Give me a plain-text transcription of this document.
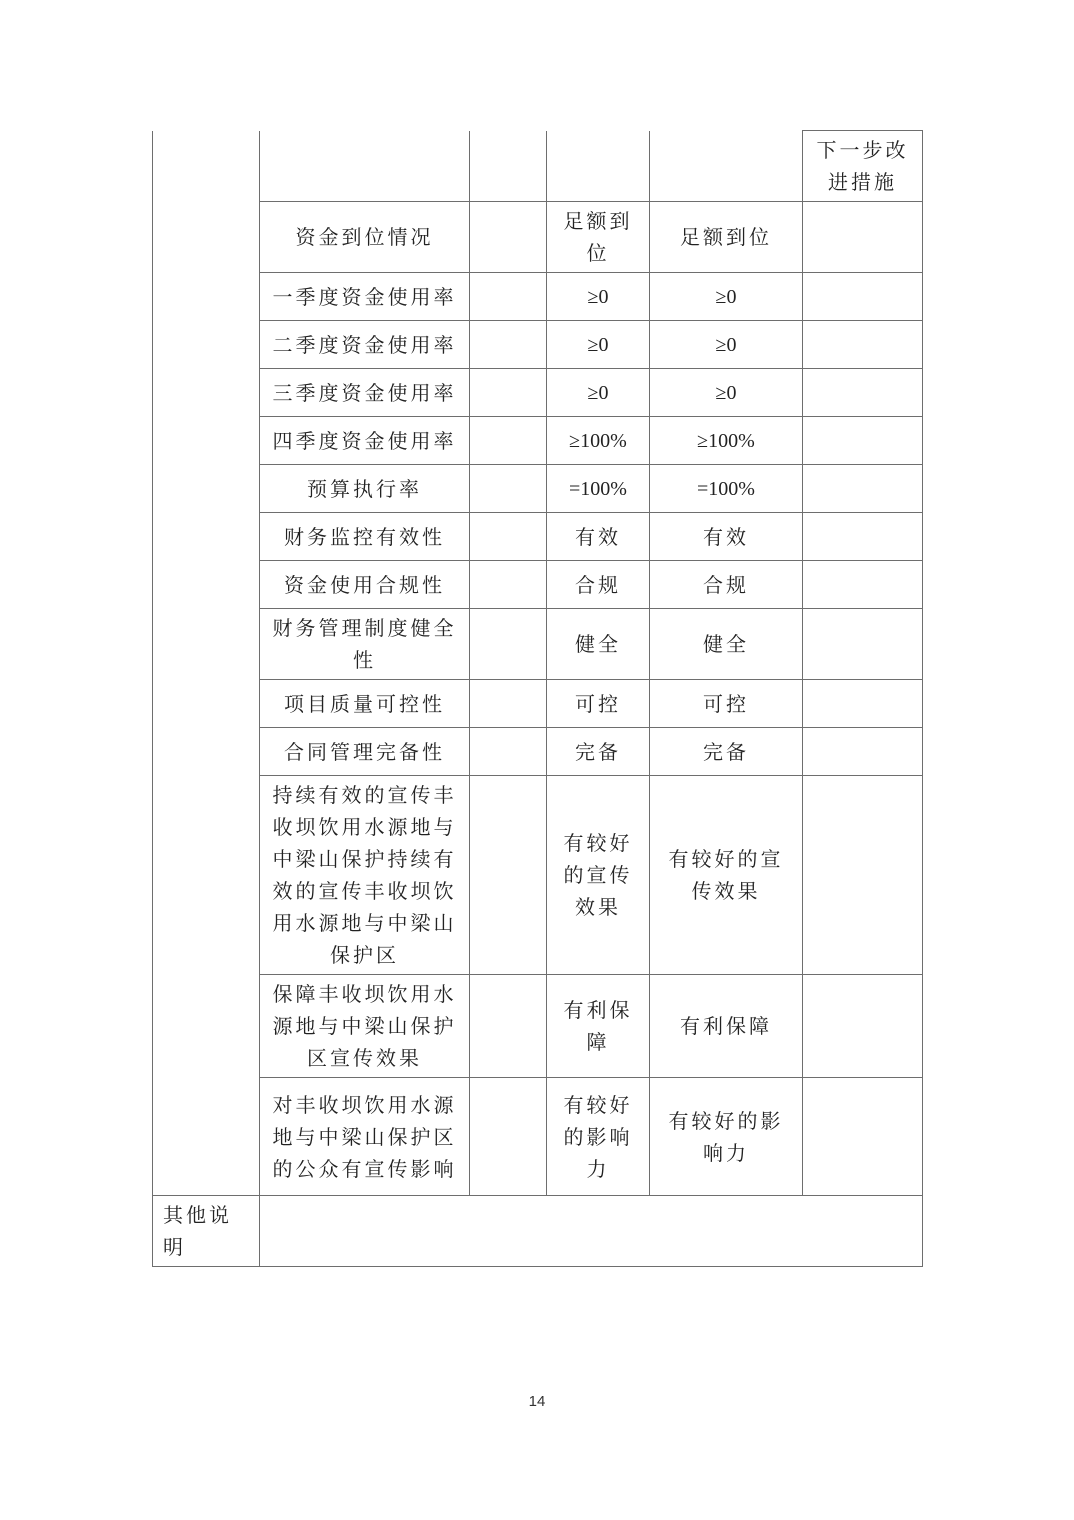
					下一步改进措施
	资金到位情况		足额到位	足额到位	
	一季度资金使用率		≥0	≥0	
	二季度资金使用率		≥0	≥0	
	三季度资金使用率		≥0	≥0	
	四季度资金使用率		≥100%	≥100%	
	预算执行率		=100%	=100%	
	财务监控有效性		有效	有效	
	资金使用合规性		合规	合规	
	财务管理制度健全性		健全	健全	
	项目质量可控性		可控	可控	
	合同管理完备性		完备	完备	
	持续有效的宣传丰收坝饮用水源地与中梁山保护持续有效的宣传丰收坝饮用水源地与中梁山保护区		有较好的宣传效果	有较好的宣传效果	
	保障丰收坝饮用水源地与中梁山保护区宣传效果		有利保障	有利保障	
	对丰收坝饮用水源地与中梁山保护区的公众有宣传影响		有较好的影响力	有较好的影响力	
其他说明					
14
